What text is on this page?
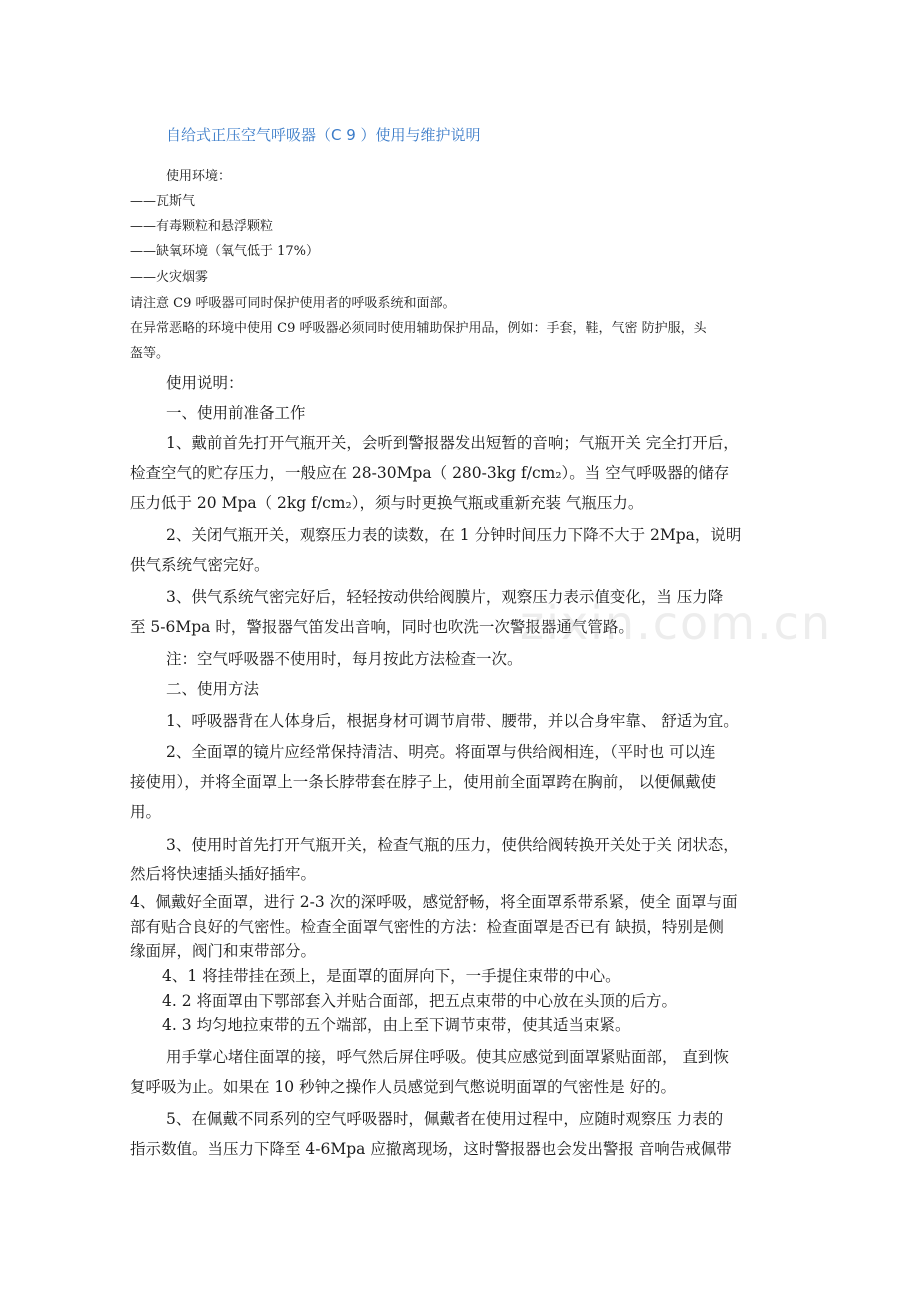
自给式正压空气呼吸器（C 9 ）使用与维护说明
使用环境：
——瓦斯气
——有毒颗粒和悬浮颗粒
——缺氧环境（氧气低于 17%）
——火灾烟雾
请注意 C9 呼吸器可同时保护使用者的呼吸系统和面部。
在异常恶略的环境中使用 C9 呼吸器必须同时使用辅助保护用品，例如：手套，鞋，气密 防护服，头
盔等。
使用说明：
一、使用前准备工作
1、戴前首先打开气瓶开关，会听到警报器发出短暂的音响；气瓶开关 完全打开后，
检查空气的贮存压力，一般应在 28-30Mpa（ 280-3kg f/cm₂）。当 空气呼吸器的储存
压力低于 20 Mpa（ 2kg f/cm₂），须与时更换气瓶或重新充装 气瓶压力。
2、关闭气瓶开关，观察压力表的读数，在 1 分钟时间压力下降不大于 2Mpa，说明
供气系统气密完好。
3、供气系统气密完好后，轻轻按动供给阀膜片，观察压力表示值变化，当 压力降
至 5-6Mpa 时，警报器气笛发出音响，同时也吹洗一次警报器通气管路。
注：空气呼吸器不使用时，每月按此方法检查一次。
二、使用方法
1、呼吸器背在人体身后，根据身材可调节肩带、腰带，并以合身牢靠、 舒适为宜。
2、全面罩的镜片应经常保持清洁、明亮。将面罩与供给阀相连，（平时也 可以连
接使用），并将全面罩上一条长脖带套在脖子上，使用前全面罩跨在胸前， 以便佩戴使
用。
3、使用时首先打开气瓶开关，检查气瓶的压力，使供给阀转换开关处于关 闭状态，
然后将快速插头插好插牢。
4、佩戴好全面罩，进行 2-3 次的深呼吸，感觉舒畅，将全面罩系带系紧，使全 面罩与面
部有贴合良好的气密性。检查全面罩气密性的方法：检查面罩是否已有 缺损，特别是侧
缘面屏，阀门和束带部分。
4、1 将挂带挂在颈上，是面罩的面屏向下，一手提住束带的中心。
4. 2 将面罩由下鄂部套入并贴合面部，把五点束带的中心放在头顶的后方。
4. 3 均匀地拉束带的五个端部，由上至下调节束带，使其适当束紧。
用手掌心堵住面罩的接，呼气然后屏住呼吸。使其应感觉到面罩紧贴面部， 直到恢
复呼吸为止。如果在 10 秒钟之操作人员感觉到气憋说明面罩的气密性是 好的。
5、在佩戴不同系列的空气呼吸器时，佩戴者在使用过程中，应随时观察压 力表的
指示数值。当压力下降至 4-6Mpa 应撤离现场，这时警报器也会发出警报 音响告戒佩带
zixin.com.cn
